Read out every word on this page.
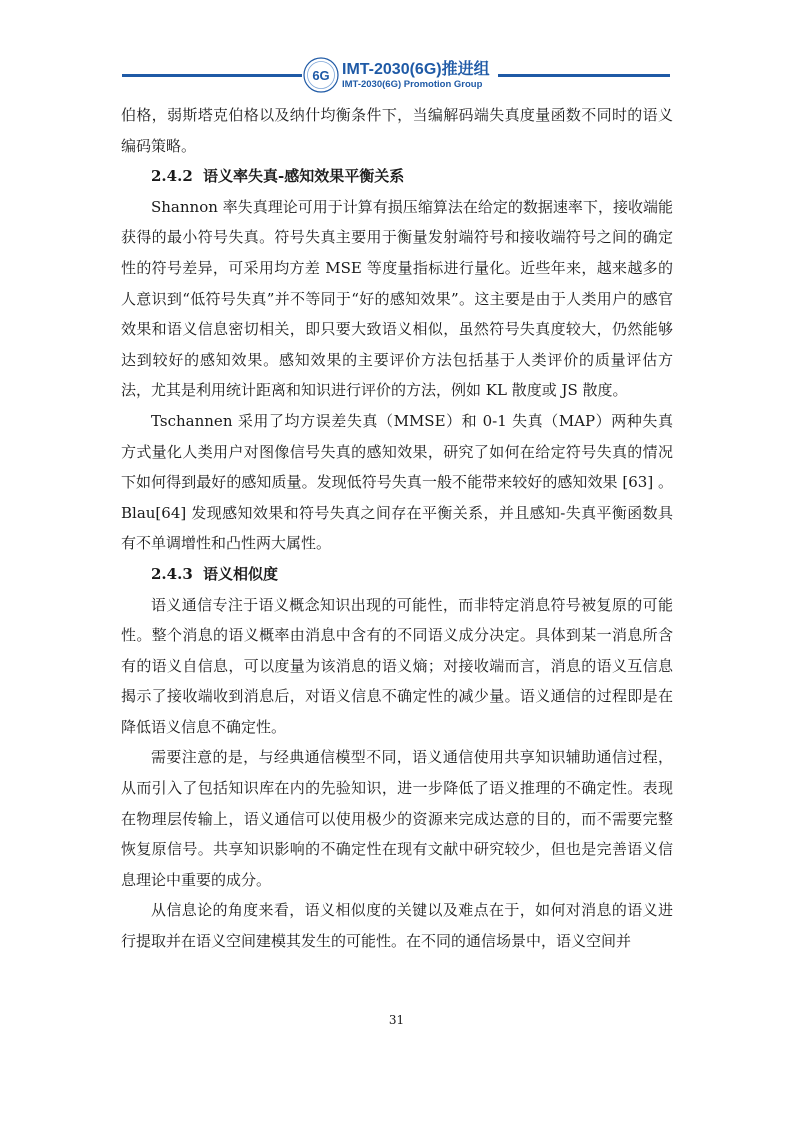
6G IMT-2030(6G)推进组
IMT-2030(6G) Promotion Group

伯格，弱斯塔克伯格以及纳什均衡条件下，当编解码端失真度量函数不同时的语义编码策略。

2.4.2 语义率失真-感知效果平衡关系

Shannon 率失真理论可用于计算有损压缩算法在给定的数据速率下，接收端能获得的最小符号失真。符号失真主要用于衡量发射端符号和接收端符号之间的确定性的符号差异，可采用均方差 MSE 等度量指标进行量化。近些年来，越来越多的人意识到“低符号失真”并不等同于“好的感知效果”。这主要是由于人类用户的感官效果和语义信息密切相关，即只要大致语义相似，虽然符号失真度较大，仍然能够达到较好的感知效果。感知效果的主要评价方法包括基于人类评价的质量评估方法，尤其是利用统计距离和知识进行评价的方法，例如 KL 散度或 JS 散度。

Tschannen 采用了均方误差失真（MMSE）和 0-1 失真（MAP）两种失真方式量化人类用户对图像信号失真的感知效果，研究了如何在给定符号失真的情况下如何得到最好的感知质量。发现低符号失真一般不能带来较好的感知效果 [63] 。Blau[64] 发现感知效果和符号失真之间存在平衡关系，并且感知-失真平衡函数具有不单调增性和凸性两大属性。

2.4.3 语义相似度

语义通信专注于语义概念知识出现的可能性，而非特定消息符号被复原的可能性。整个消息的语义概率由消息中含有的不同语义成分决定。具体到某一消息所含有的语义自信息，可以度量为该消息的语义熵；对接收端而言，消息的语义互信息揭示了接收端收到消息后，对语义信息不确定性的减少量。语义通信的过程即是在降低语义信息不确定性。

需要注意的是，与经典通信模型不同，语义通信使用共享知识辅助通信过程，从而引入了包括知识库在内的先验知识，进一步降低了语义推理的不确定性。表现在物理层传输上，语义通信可以使用极少的资源来完成达意的目的，而不需要完整恢复原信号。共享知识影响的不确定性在现有文献中研究较少，但也是完善语义信息理论中重要的成分。

从信息论的角度来看，语义相似度的关键以及难点在于，如何对消息的语义进行提取并在语义空间建模其发生的可能性。在不同的通信场景中，语义空间并

31
